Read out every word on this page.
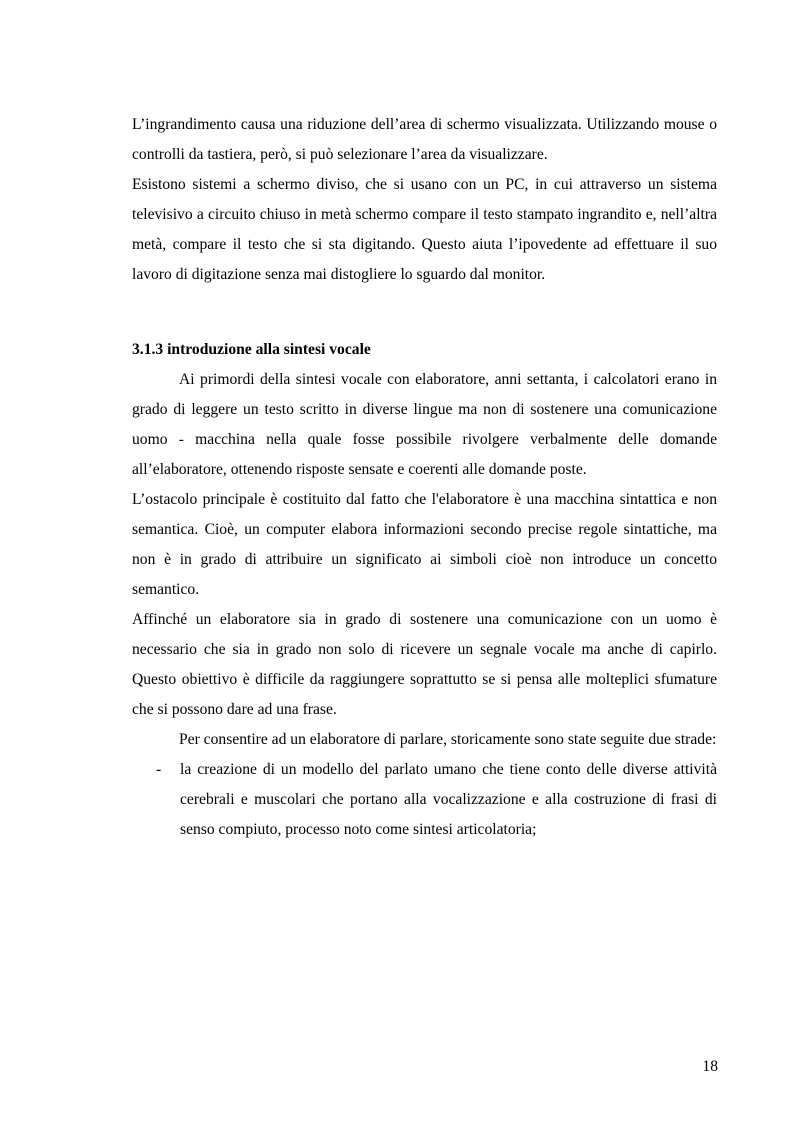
L’ingrandimento causa una riduzione dell’area di schermo visualizzata. Utilizzando mouse o controlli da tastiera, però, si può selezionare l’area da visualizzare.

Esistono sistemi a schermo diviso, che si usano con un PC, in cui attraverso un sistema televisivo a circuito chiuso in metà schermo compare il testo stampato ingrandito e, nell’altra metà, compare il testo che si sta digitando. Questo aiuta l’ipovedente ad effettuare il suo lavoro di digitazione senza mai distogliere lo sguardo dal monitor.

3.1.3 introduzione alla sintesi vocale

Ai primordi della sintesi vocale con elaboratore, anni settanta, i calcolatori erano in grado di leggere un testo scritto in diverse lingue ma non di sostenere una comunicazione uomo - macchina nella quale fosse possibile rivolgere verbalmente delle domande all’elaboratore, ottenendo risposte sensate e coerenti alle domande poste.

L’ostacolo principale è costituito dal fatto che l'elaboratore è una macchina sintattica e non semantica. Cioè, un computer elabora informazioni secondo precise regole sintattiche, ma non è in grado di attribuire un significato ai simboli cioè non introduce un concetto semantico.

Affinché un elaboratore sia in grado di sostenere una comunicazione con un uomo è necessario che sia in grado non solo di ricevere un segnale vocale ma anche di capirlo. Questo obiettivo è difficile da raggiungere soprattutto se si pensa alle molteplici sfumature che si possono dare ad una frase.

Per consentire ad un elaboratore di parlare, storicamente sono state seguite due strade:

- la creazione di un modello del parlato umano che tiene conto delle diverse attività cerebrali e muscolari che portano alla vocalizzazione e alla costruzione di frasi di senso compiuto, processo noto come sintesi articolatoria;
18
